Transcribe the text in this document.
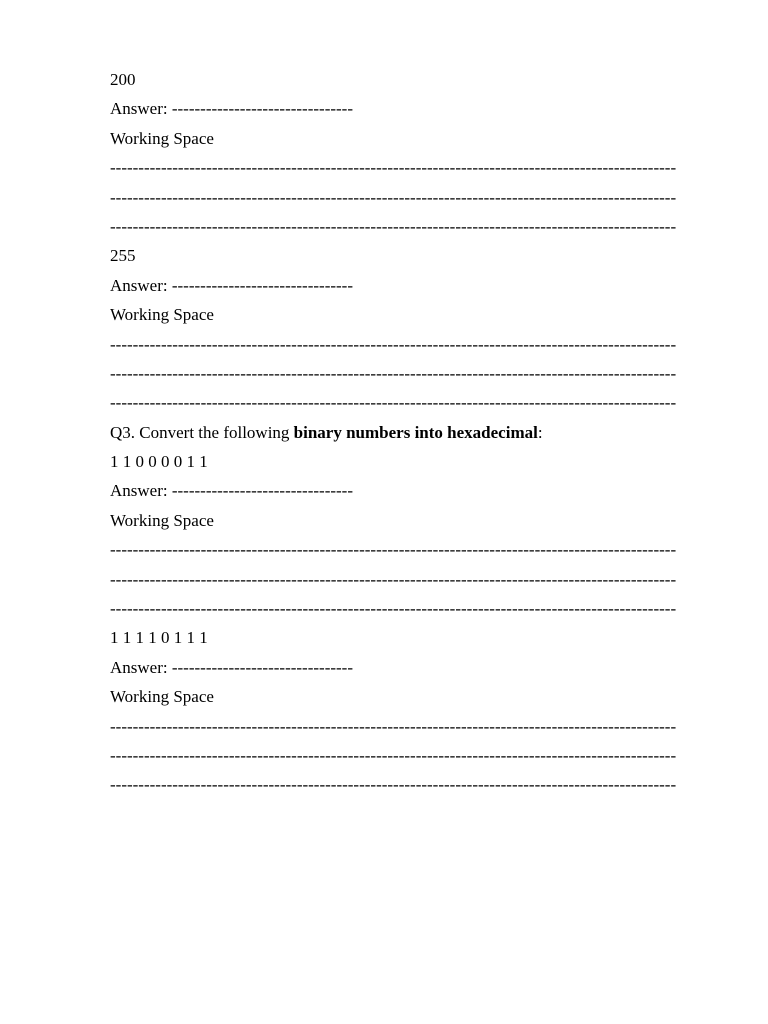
200
Answer: --------------------------------
Working Space
----------------------------------------------------------------------------------------------------
----------------------------------------------------------------------------------------------------
----------------------------------------------------------------------------------------------------
255
Answer: --------------------------------
Working Space
----------------------------------------------------------------------------------------------------
----------------------------------------------------------------------------------------------------
----------------------------------------------------------------------------------------------------
Q3. Convert the following binary numbers into hexadecimal:
1 1 0 0 0 0 1 1
Answer: --------------------------------
Working Space
----------------------------------------------------------------------------------------------------
----------------------------------------------------------------------------------------------------
----------------------------------------------------------------------------------------------------
1 1 1 1 0 1 1 1
Answer: --------------------------------
Working Space
----------------------------------------------------------------------------------------------------
----------------------------------------------------------------------------------------------------
----------------------------------------------------------------------------------------------------
